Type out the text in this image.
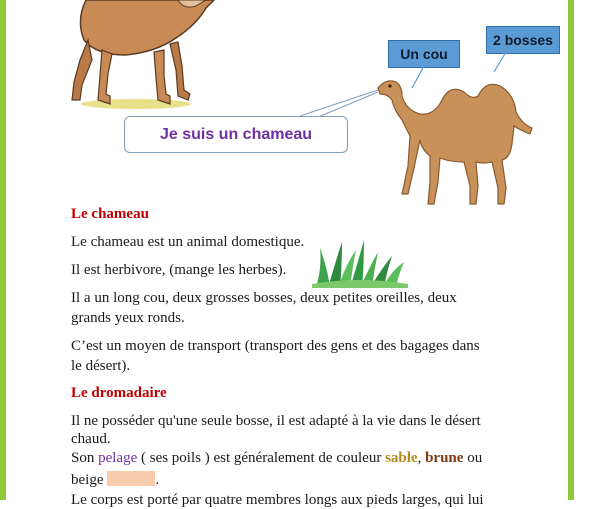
Un cou
2 bosses
Je suis un chameau
Le chameau
Le chameau est un animal domestique.
Il est herbivore, (mange les herbes).
Il a un long cou, deux grosses bosses, deux petites oreilles, deux
grands yeux ronds.
C’est un moyen de transport (transport des gens et des bagages dans
le désert).
Le dromadaire
Il ne posséder qu'une seule bosse, il est adapté à la vie dans le désert
chaud.
Son pelage ( ses poils ) est généralement de couleur sable, brune ou
beige	.
Le corps est porté par quatre membres longs aux pieds larges, qui lui
